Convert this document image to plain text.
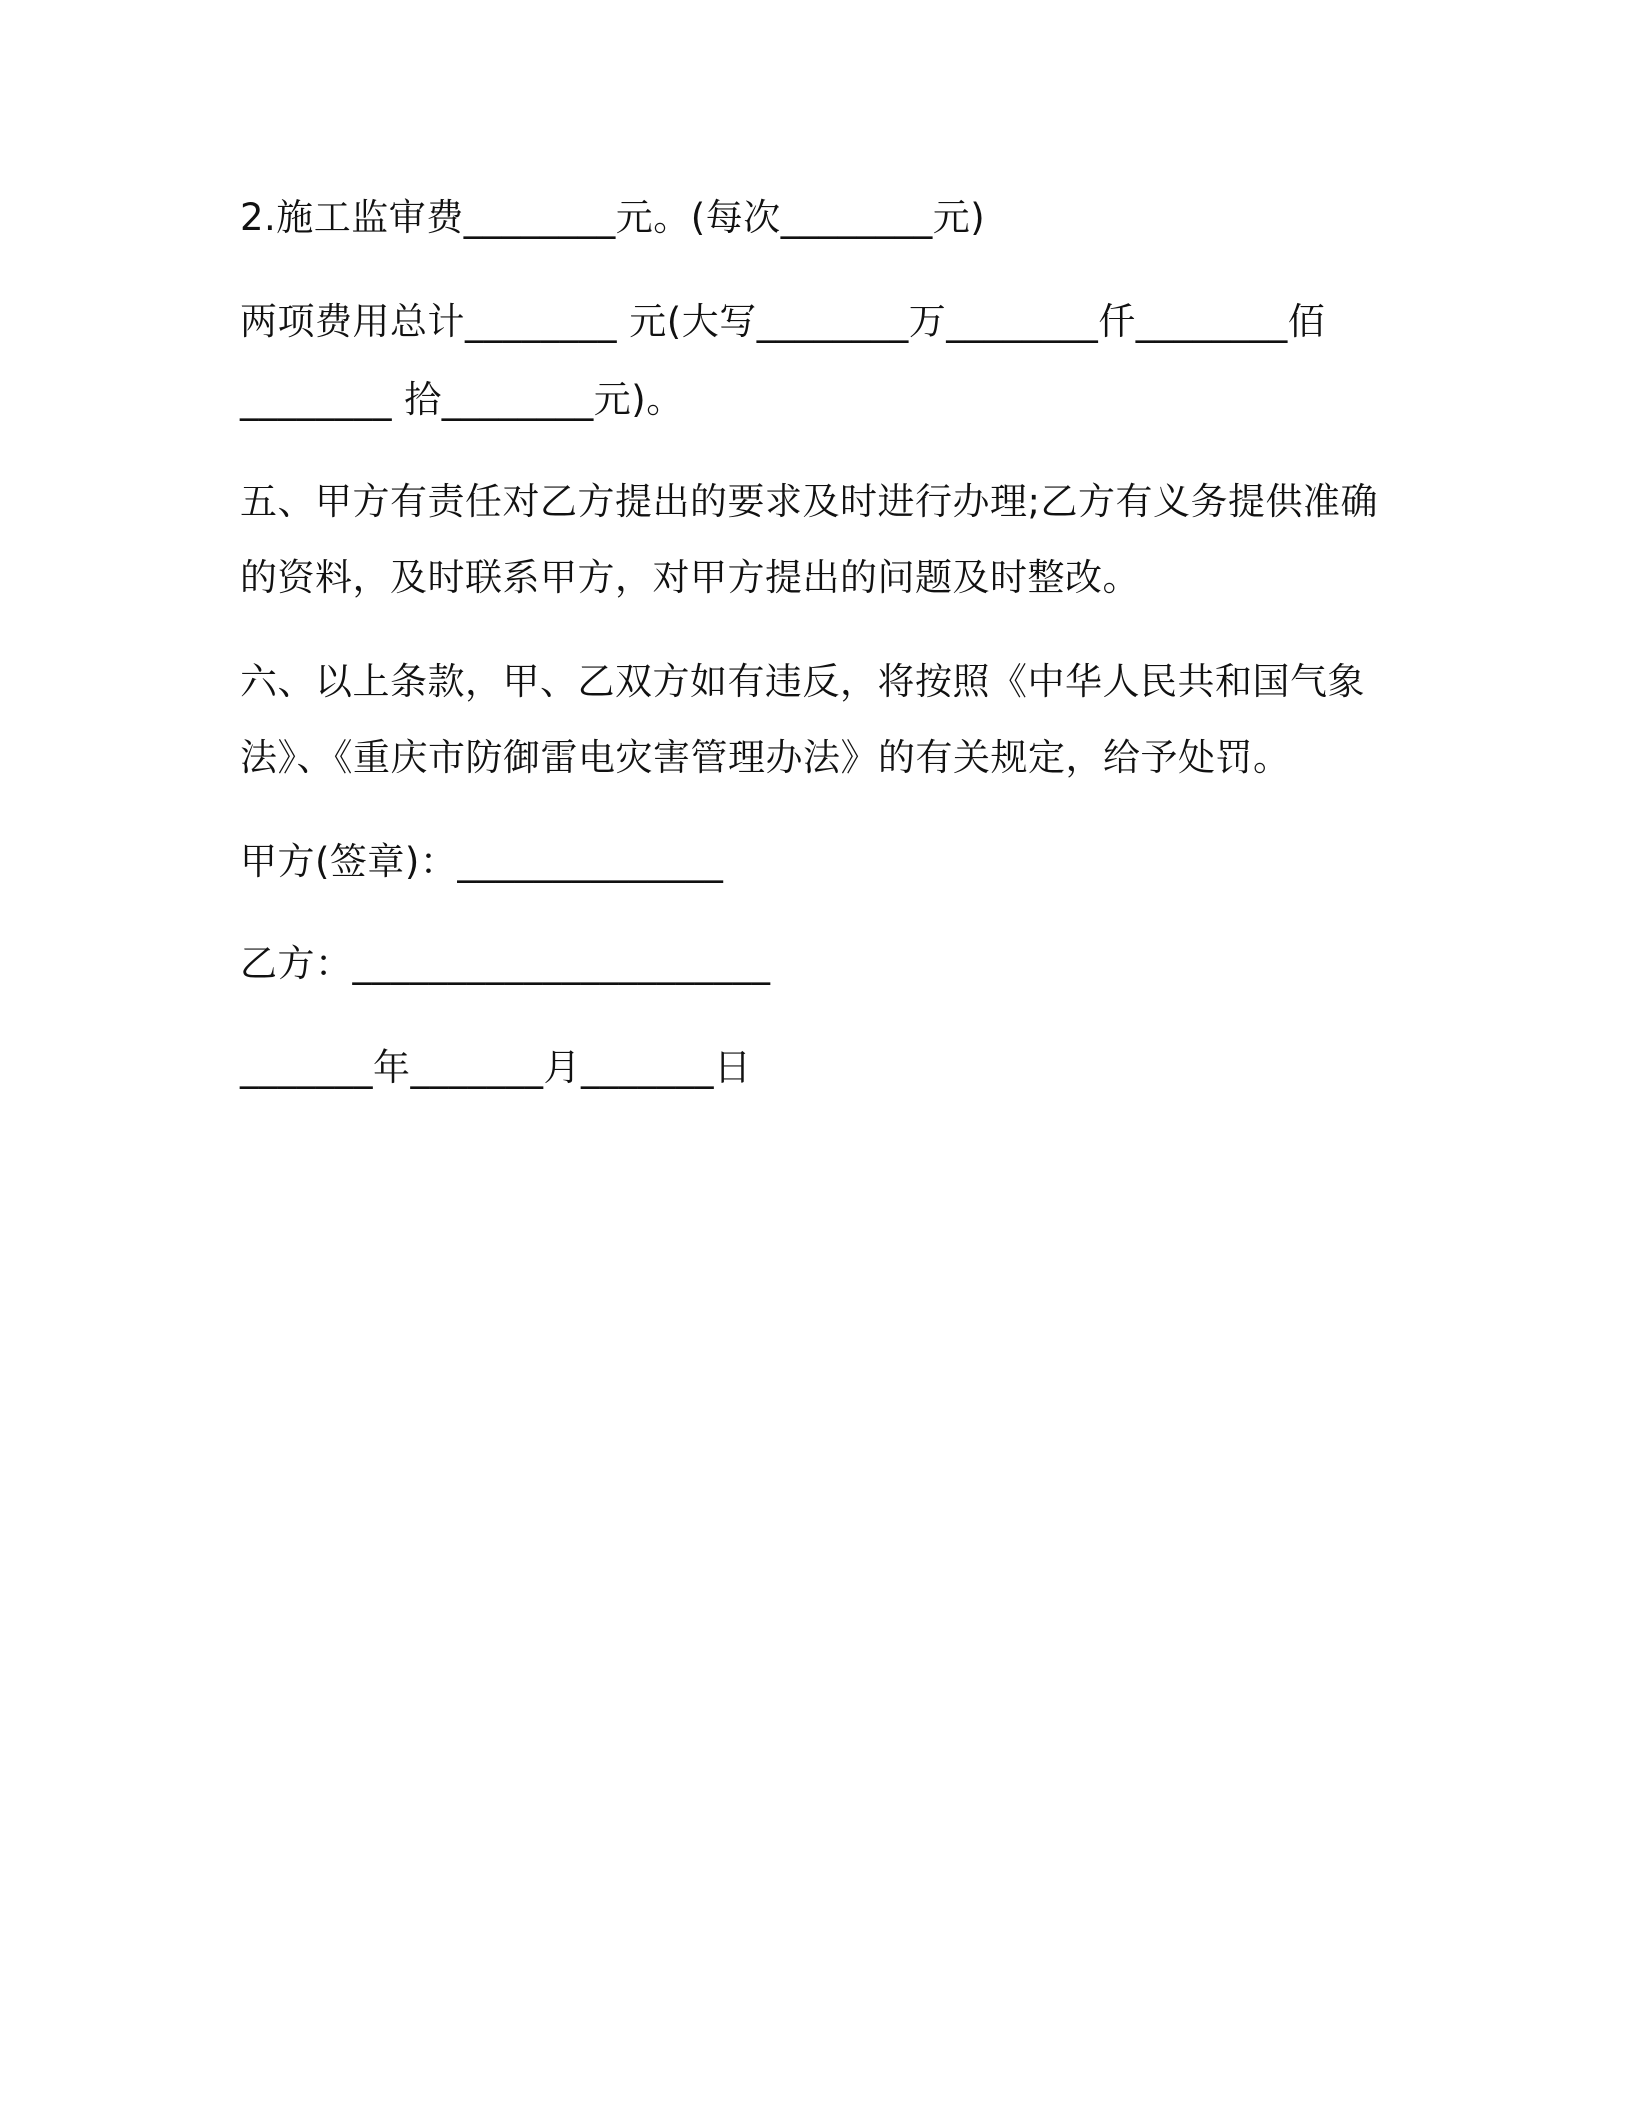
2.施工监审费________元。(每次________元)
两项费用总计________ 元(大写________万________仟________佰
________ 拾________元)。
五、甲方有责任对乙方提出的要求及时进行办理;乙方有义务提供准确
的资料，及时联系甲方，对甲方提出的问题及时整改。
六、以上条款，甲、乙双方如有违反，将按照《中华人民共和国气象
法》、《重庆市防御雷电灾害管理办法》的有关规定，给予处罚。
甲方(签章)：______________
乙方：______________________
_______年_______月_______日
